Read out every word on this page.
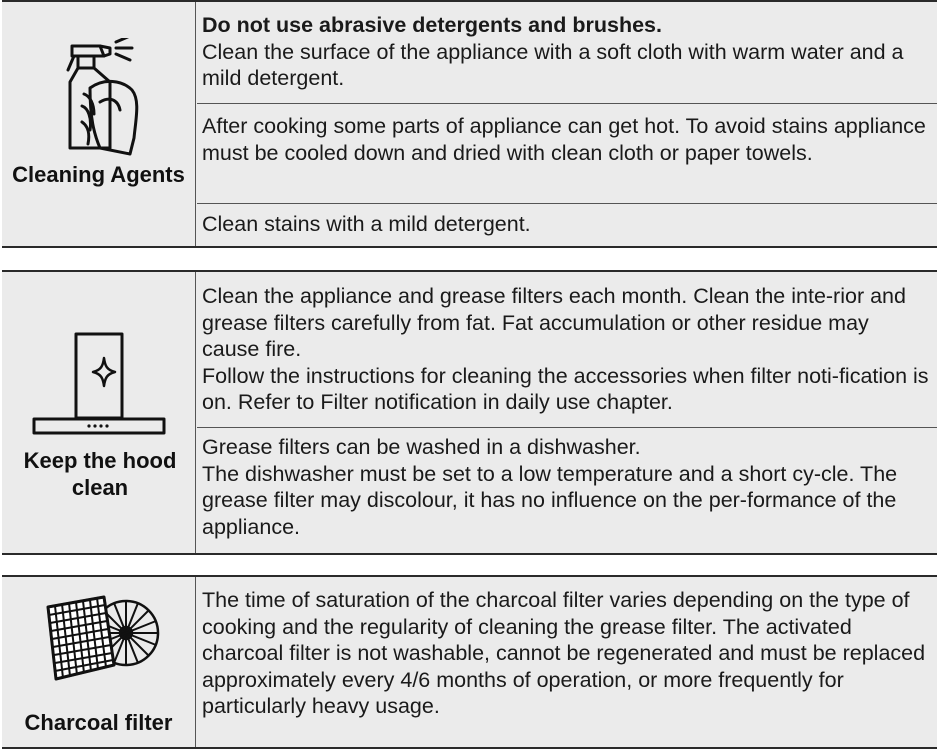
Cleaning Agents
Do not use abrasive detergents and brushes.
Clean the surface of the appliance with a soft cloth with warm water and a mild detergent.
After cooking some parts of appliance can get hot. To avoid stains appliance must be cooled down and dried with clean cloth or paper towels.
Clean stains with a mild detergent.
Keep the hood clean
Clean the appliance and grease filters each month. Clean the inte-rior and grease filters carefully from fat. Fat accumulation or other residue may cause fire.
Follow the instructions for cleaning the accessories when filter noti-fication is on. Refer to Filter notification in daily use chapter.
Grease filters can be washed in a dishwasher.
The dishwasher must be set to a low temperature and a short cy-cle. The grease filter may discolour, it has no influence on the per-formance of the appliance.
Charcoal filter
The time of saturation of the charcoal filter varies depending on the type of cooking and the regularity of cleaning the grease filter. The activated charcoal filter is not washable, cannot be regenerated and must be replaced approximately every 4/6 months of operation, or more frequently for particularly heavy usage.
